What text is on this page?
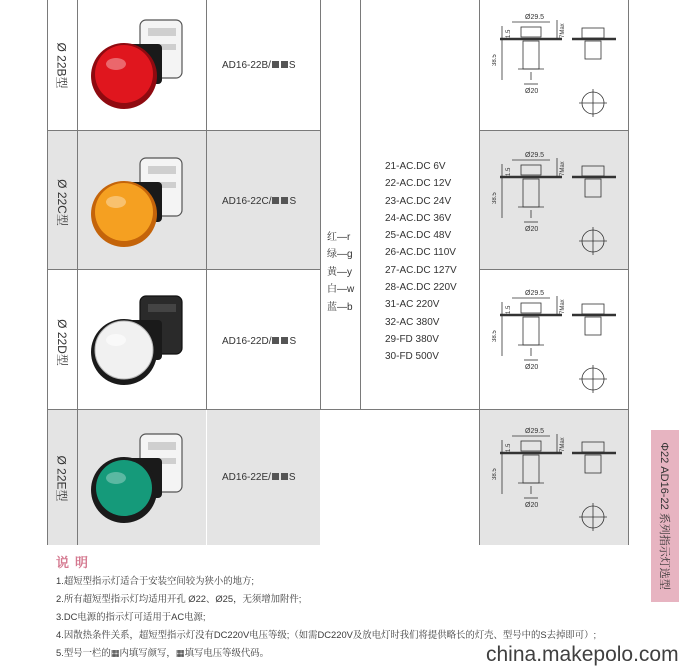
Ø 22B型
Ø 22C型
Ø 22D型
Ø 22E型
AD16-22B/ S
AD16-22C/ S
AD16-22D/ S
AD16-22E/ S
红—r
绿—g
黄—y
白—w
蓝—b
21-AC.DC 6V
22-AC.DC 12V
23-AC.DC 24V
24-AC.DC 36V
25-AC.DC 48V
26-AC.DC 110V
27-AC.DC 127V
28-AC.DC 220V
31-AC 220V
32-AC 380V
29-FD 380V
30-FD 500V
Ø29.5
Ø20
38.5
7Max
1.5
Ø29.5
Ø20
38.5
7Max
1.5
Ø29.5
Ø20
38.5
7Max
1.5
Ø29.5
Ø20
38.5
7Max
1.5
说明
1.超短型指示灯适合于安装空间较为狭小的地方;
2.所有超短型指示灯均适用开孔 Ø22、Ø25，无须增加附件;
3.DC电源的指示灯可适用于AC电源;
4.因散热条件关系，超短型指示灯没有DC220V电压等级;（如需DC220V及放电灯时我们将提供略长的灯壳、型号中的S去掉即可）;
5.型号一栏的▦内填写颜写，▦填写电压等级代码。
Φ22 AD16-22 系列指示灯选型
china.makepolo.com
